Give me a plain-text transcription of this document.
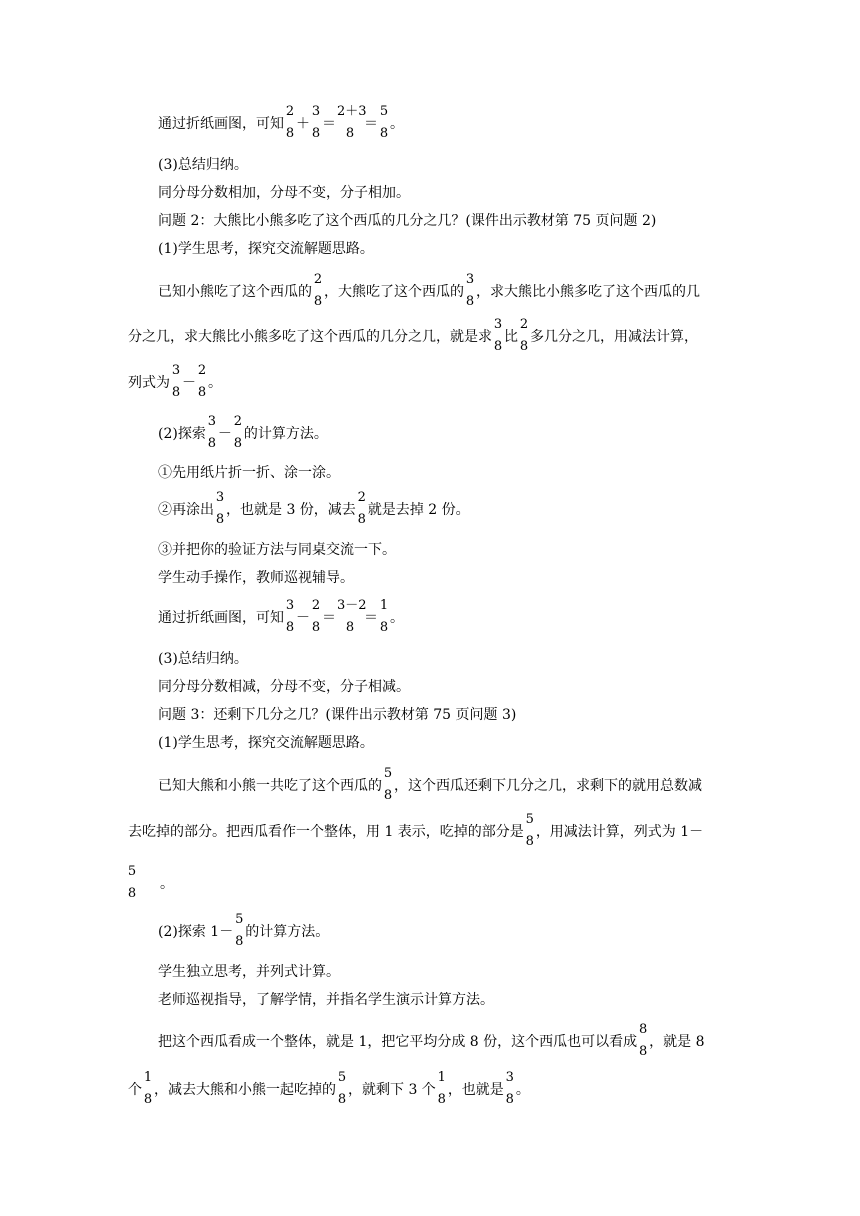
通过折纸画图，可知
2
8
＋
3
8
＝
2＋3
8
＝
5
8
。
(3)总结归纳。
同分母分数相加，分母不变，分子相加。
问题 2：大熊比小熊多吃了这个西瓜的几分之几？(课件出示教材第 75 页问题 2)
(1)学生思考，探究交流解题思路。
已知小熊吃了这个西瓜的
2
8
，大熊吃了这个西瓜的
3
8
，求大熊比小熊多吃了这个西瓜的几
分之几，求大熊比小熊多吃了这个西瓜的几分之几，就是求
3
8
比
2
8
多几分之几，用减法计算，
列式为
3
8
－
2
8
。
(2)探索
3
8
－
2
8
的计算方法。
①先用纸片折一折、涂一涂。
②再涂出
3
8
，也就是 3 份，减去
2
8
就是去掉 2 份。
③并把你的验证方法与同桌交流一下。
学生动手操作，教师巡视辅导。
通过折纸画图，可知
3
8
－
2
8
＝
3－2
8
＝
1
8
。
(3)总结归纳。
同分母分数相减，分母不变，分子相减。
问题 3：还剩下几分之几？(课件出示教材第 75 页问题 3)
(1)学生思考，探究交流解题思路。
已知大熊和小熊一共吃了这个西瓜的
5
8
，这个西瓜还剩下几分之几，求剩下的就用总数减
去吃掉的部分。把西瓜看作一个整体，用 1 表示，吃掉的部分是
5
8
，用减法计算，列式为 1－
5
8
。
(2)探索 1－
5
8
的计算方法。
学生独立思考，并列式计算。
老师巡视指导，了解学情，并指名学生演示计算方法。
把这个西瓜看成一个整体，就是 1，把它平均分成 8 份，这个西瓜也可以看成
8
8
，就是 8
个
1
8
，减去大熊和小熊一起吃掉的
5
8
，就剩下 3 个
1
8
，也就是
3
8
。
